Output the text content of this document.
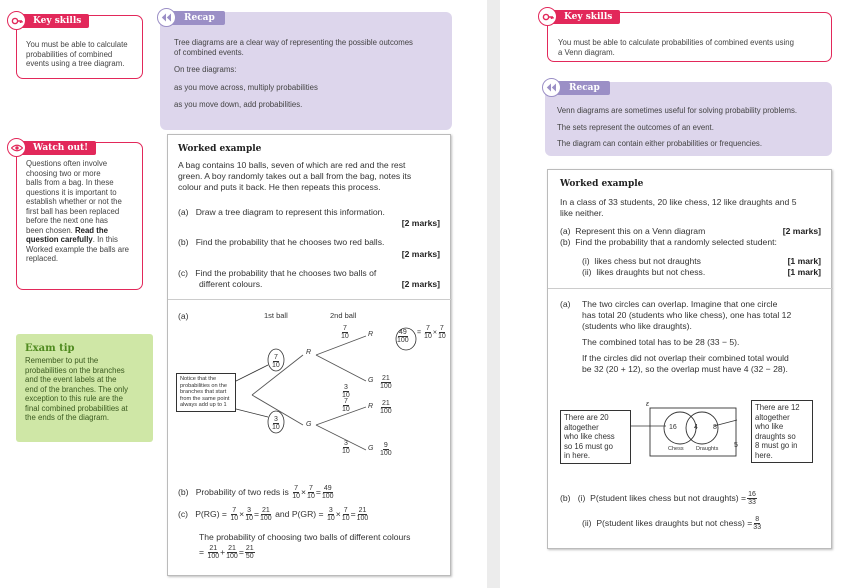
Key skills
You must be able to calculate
probabilities of combined
events using a tree diagram.
Recap
Tree diagrams are a clear way of representing the possible outcomes
of combined events.
On tree diagrams:
as you move across, multiply probabilities
as you move down, add probabilities.
Watch out!
Questions often involve
choosing two or more
balls from a bag. In these
questions it is important to
establish whether or not the
first ball has been replaced
before the next one has
been chosen. Read the
question carefully. In this
Worked example the balls are
replaced.
Exam tip
Remember to put the
probabilities on the branches
and the event labels at the
end of the branches. The only
exception to this rule are the
final combined probabilities at
the ends of the diagram.
Worked example
A bag contains 10 balls, seven of which are red and the rest
green. A boy randomly takes out a ball from the bag, notes its
colour and puts it back. He then repeats this process.
(a) Draw a tree diagram to represent this information.
[2 marks]
(b) Find the probability that he chooses two red balls.
[2 marks]
(c) Find the probability that he chooses two balls of
different colours.	[2 marks]
(a)	1st ball	2nd ball
$\frac{7}{10}$
$\frac{3}{10}$
R
G
$\frac{7}{10}$	R	$\frac{49}{100} = \frac{7}{10} \times \frac{7}{10}$
$\frac{3}{10}$
G $\frac{21}{100}$
$\frac{7}{10}$	R $\frac{21}{100}$
$\frac{3}{10}$	G $\frac{9}{100}$
Notice that the
probabilities on the
branches that start
from the same point
always add up to 1
(b) Probability of two reds is $\frac{7}{10} \times \frac{7}{10} = \frac{49}{100}$
(c) $P(RG) = \frac{7}{10} \times \frac{3}{10} = \frac{21}{100}$ and $P(GR) = \frac{3}{10} \times \frac{7}{10} = \frac{21}{100}$
The probability of choosing two balls of different colours
= $\frac{21}{100} + \frac{21}{100} = \frac{21}{50}$
Key skills
You must be able to calculate probabilities of combined events using
a Venn diagram.
Recap
Venn diagrams are sometimes useful for solving probability problems.
The sets represent the outcomes of an event.
The diagram can contain either probabilities or frequencies.
Worked example
In a class of 33 students, 20 like chess, 12 like draughts and 5
like neither.
(a) Represent this on a Venn diagram	[2 marks]
(b) Find the probability that a randomly selected student:
(i) likes chess but not draughts	[1 mark]
(ii) likes draughts but not chess.	[1 mark]
(a) The two circles can overlap. Imagine that one circle
has total 20 (students who like chess), one has total 12
(students who like draughts).
The combined total has to be 28 (33 − 5).
If the circles did not overlap their combined total would
be 32 (20 + 12), so the overlap must have 4 (32 − 28).
There are 20
altogether
who like chess
so 16 must go
in here.
There are 12
altogether
who like
draughts so
8 must go in
here.
ε
16 4 8
5
Chess Draughts
(b) (i) P(student likes chess but not draughts) = $\frac{16}{33}$
(ii) P(student likes draughts but not chess) = $\frac{8}{33}$
